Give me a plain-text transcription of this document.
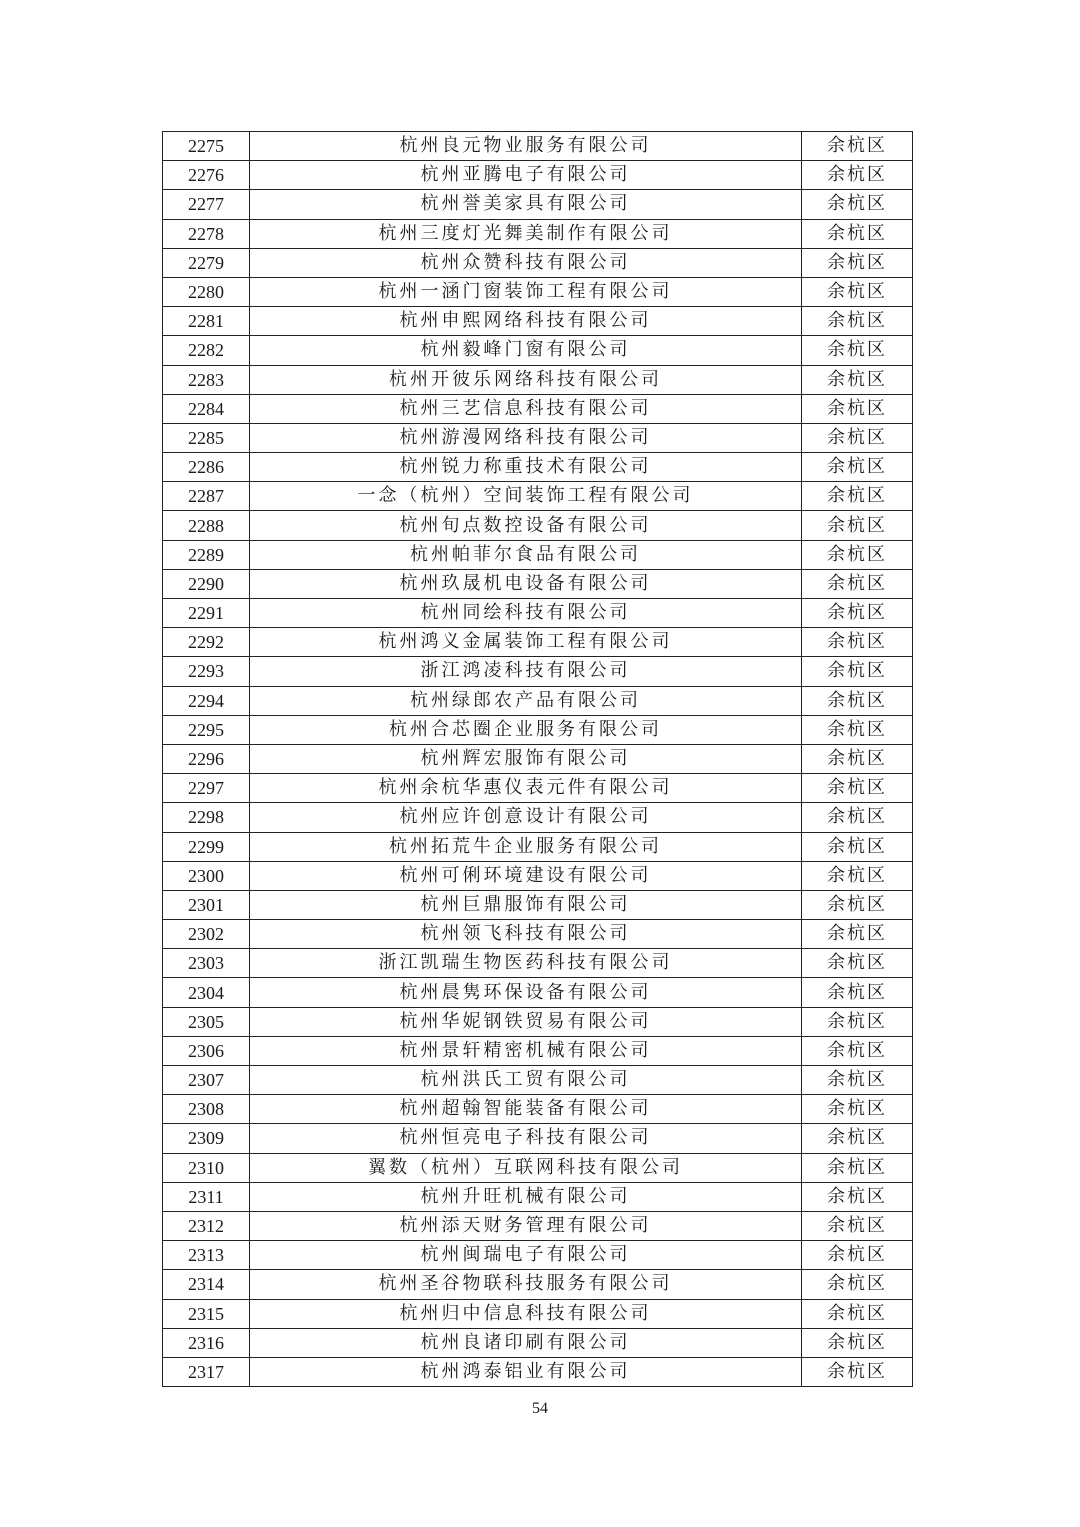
2275	杭州良元物业服务有限公司	余杭区
2276	杭州亚腾电子有限公司	余杭区
2277	杭州誉美家具有限公司	余杭区
2278	杭州三度灯光舞美制作有限公司	余杭区
2279	杭州众赞科技有限公司	余杭区
2280	杭州一涵门窗装饰工程有限公司	余杭区
2281	杭州申熙网络科技有限公司	余杭区
2282	杭州毅峰门窗有限公司	余杭区
2283	杭州开彼乐网络科技有限公司	余杭区
2284	杭州三艺信息科技有限公司	余杭区
2285	杭州游漫网络科技有限公司	余杭区
2286	杭州锐力称重技术有限公司	余杭区
2287	一念（杭州）空间装饰工程有限公司	余杭区
2288	杭州旬点数控设备有限公司	余杭区
2289	杭州帕菲尔食品有限公司	余杭区
2290	杭州玖晟机电设备有限公司	余杭区
2291	杭州同绘科技有限公司	余杭区
2292	杭州鸿义金属装饰工程有限公司	余杭区
2293	浙江鸿凌科技有限公司	余杭区
2294	杭州绿郎农产品有限公司	余杭区
2295	杭州合芯圈企业服务有限公司	余杭区
2296	杭州辉宏服饰有限公司	余杭区
2297	杭州余杭华惠仪表元件有限公司	余杭区
2298	杭州应许创意设计有限公司	余杭区
2299	杭州拓荒牛企业服务有限公司	余杭区
2300	杭州可俐环境建设有限公司	余杭区
2301	杭州巨鼎服饰有限公司	余杭区
2302	杭州领飞科技有限公司	余杭区
2303	浙江凯瑞生物医药科技有限公司	余杭区
2304	杭州晨隽环保设备有限公司	余杭区
2305	杭州华妮钢铁贸易有限公司	余杭区
2306	杭州景轩精密机械有限公司	余杭区
2307	杭州洪氏工贸有限公司	余杭区
2308	杭州超翰智能装备有限公司	余杭区
2309	杭州恒亮电子科技有限公司	余杭区
2310	翼数（杭州）互联网科技有限公司	余杭区
2311	杭州升旺机械有限公司	余杭区
2312	杭州添天财务管理有限公司	余杭区
2313	杭州闽瑞电子有限公司	余杭区
2314	杭州圣谷物联科技服务有限公司	余杭区
2315	杭州归中信息科技有限公司	余杭区
2316	杭州良诸印刷有限公司	余杭区
2317	杭州鸿泰铝业有限公司	余杭区
54
